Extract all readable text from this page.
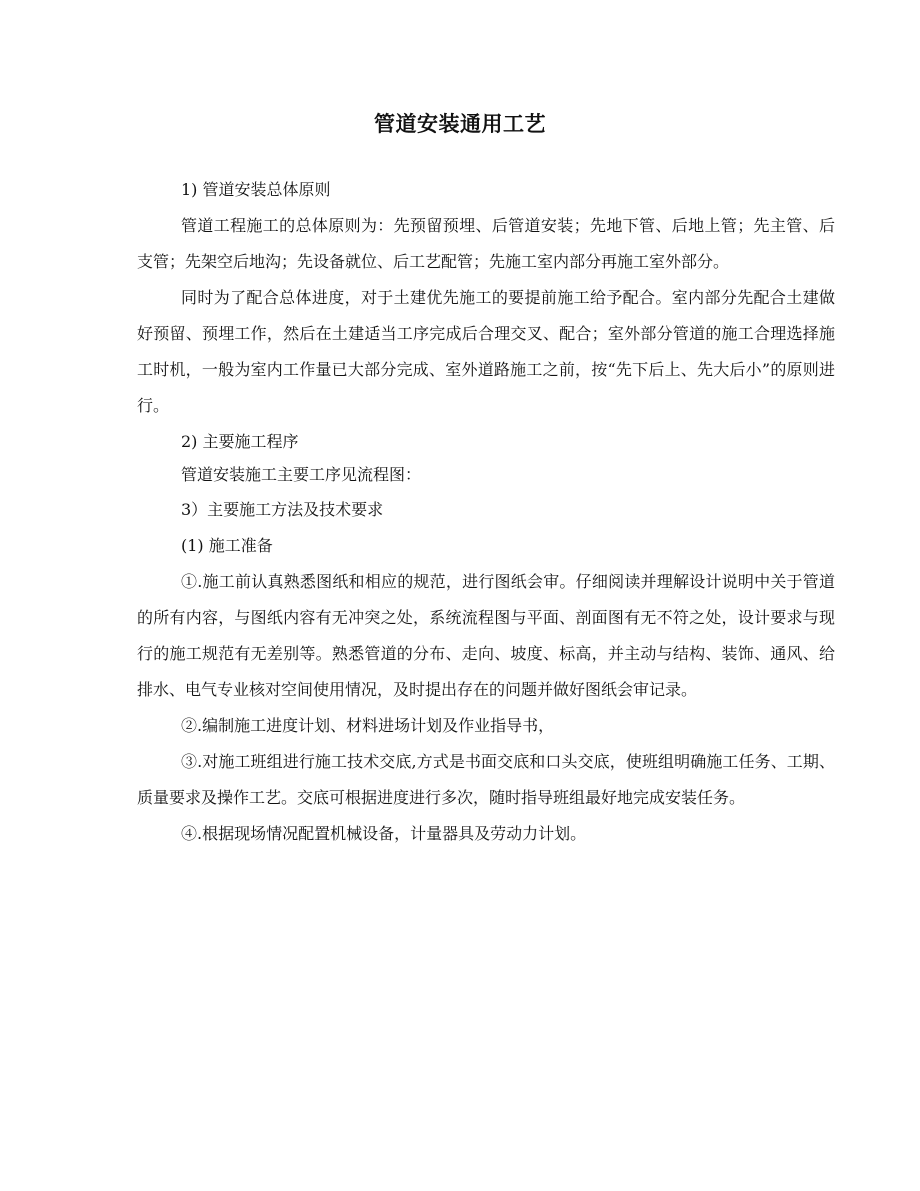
管道安装通用工艺

1) 管道安装总体原则

管道工程施工的总体原则为：先预留预埋、后管道安装；先地下管、后地上管；先主管、后支管；先架空后地沟；先设备就位、后工艺配管；先施工室内部分再施工室外部分。

同时为了配合总体进度，对于土建优先施工的要提前施工给予配合。室内部分先配合土建做好预留、预埋工作，然后在土建适当工序完成后合理交叉、配合；室外部分管道的施工合理选择施工时机，一般为室内工作量已大部分完成、室外道路施工之前，按“先下后上、先大后小”的原则进行。

2) 主要施工程序

管道安装施工主要工序见流程图：

3）主要施工方法及技术要求

(1) 施工准备

①.施工前认真熟悉图纸和相应的规范，进行图纸会审。仔细阅读并理解设计说明中关于管道的所有内容，与图纸内容有无冲突之处，系统流程图与平面、剖面图有无不符之处，设计要求与现行的施工规范有无差别等。熟悉管道的分布、走向、坡度、标高，并主动与结构、装饰、通风、给排水、电气专业核对空间使用情况，及时提出存在的问题并做好图纸会审记录。

②.编制施工进度计划、材料进场计划及作业指导书，

③.对施工班组进行施工技术交底,方式是书面交底和口头交底，使班组明确施工任务、工期、质量要求及操作工艺。交底可根据进度进行多次，随时指导班组最好地完成安装任务。

④.根据现场情况配置机械设备，计量器具及劳动力计划。
